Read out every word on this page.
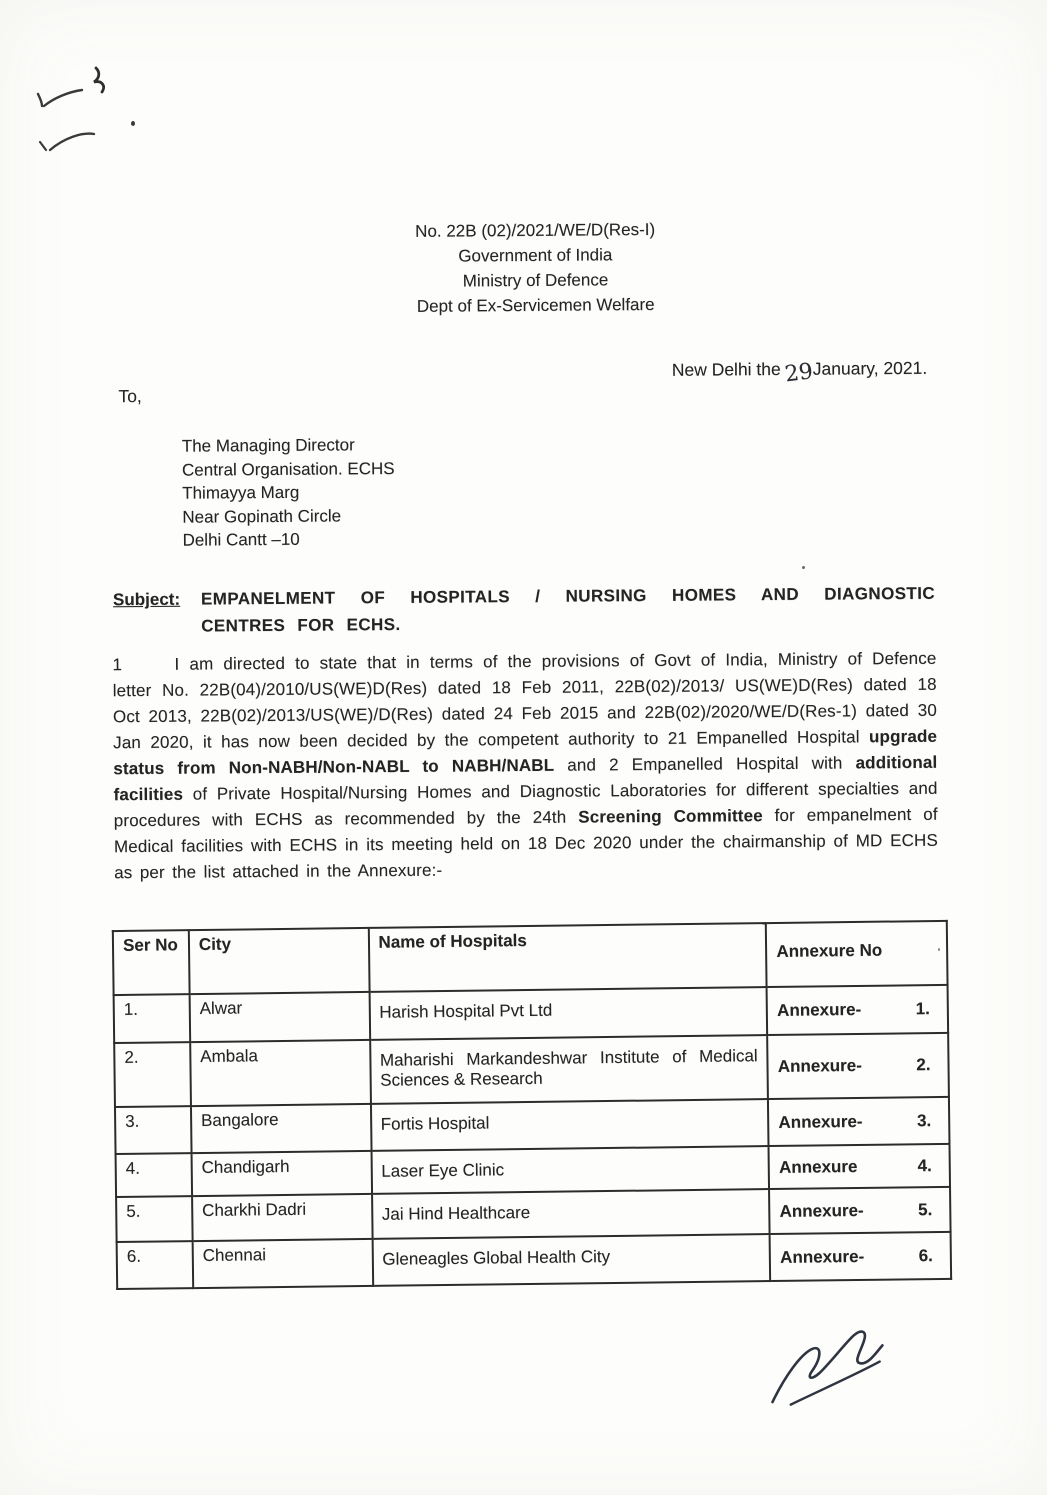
No. 22B (02)/2021/WE/D(Res-I)
Government of India
Ministry of Defence
Dept of Ex-Servicemen Welfare
New Delhi the29January, 2021.
To,
The Managing Director
Central Organisation. ECHS
Thimayya Marg
Near Gopinath Circle
Delhi Cantt –10
Subject:	EMPANELMENT OF HOSPITALS / NURSING HOMES AND DIAGNOSTIC CENTRES FOR ECHS.
1	I am directed to state that in terms of the provisions of Govt of India, Ministry of Defence letter No. 22B(04)/2010/US(WE)D(Res) dated 18 Feb 2011, 22B(02)/2013/ US(WE)D(Res) dated 18 Oct 2013, 22B(02)/2013/US(WE)/D(Res) dated 24 Feb 2015 and 22B(02)/2020/WE/D(Res-1) dated 30 Jan 2020, it has now been decided by the competent authority to 21 Empanelled Hospital upgrade status from Non-NABH/Non-NABL to NABH/NABL and 2 Empanelled Hospital with additional facilities of Private Hospital/Nursing Homes and Diagnostic Laboratories for different specialties and procedures with ECHS as recommended by the 24th Screening Committee for empanelment of Medical facilities with ECHS in its meeting held on 18 Dec 2020 under the chairmanship of MD ECHS as per the list attached in the Annexure:-
Ser No	City	Name of Hospitals	Annexure No
1.	Alwar	Harish Hospital Pvt Ltd	Annexure- 1.

2.	Ambala	Maharishi Markandeshwar Institute of Medical Sciences & Research	Annexure- 2.

3.	Bangalore	Fortis Hospital	Annexure- 3.

4.	Chandigarh	Laser Eye Clinic	Annexure 4.

5.	Charkhi Dadri	Jai Hind Healthcare	Annexure- 5.

6.	Chennai	Gleneagles Global Health City	Annexure- 6.
